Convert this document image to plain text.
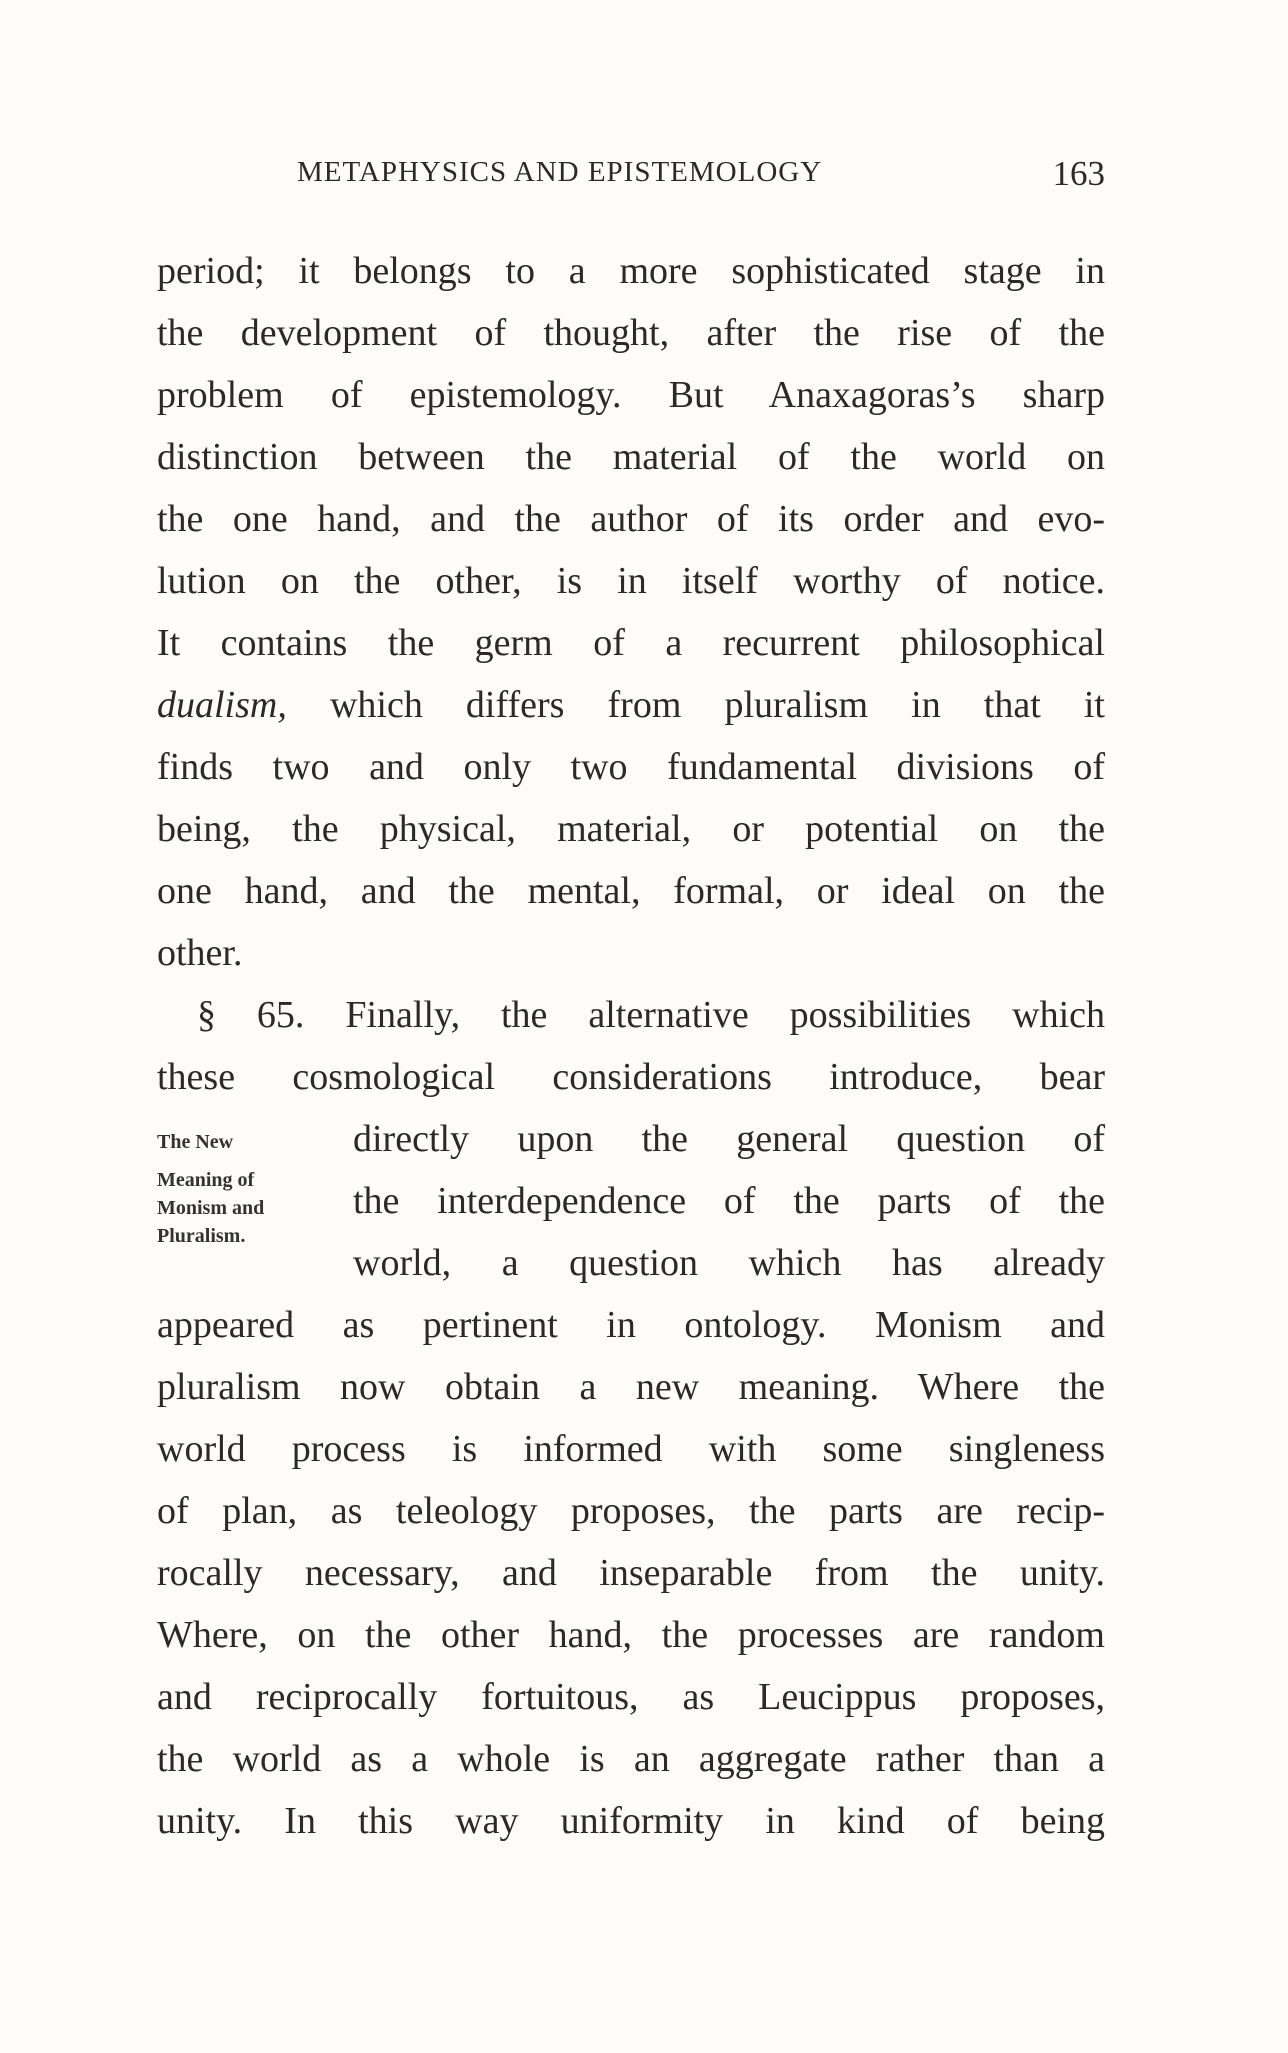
METAPHYSICS AND EPISTEMOLOGY	163
The New
Meaning of
Monism and
Pluralism.
period; it belongs to a more sophisticated stage in
the development of thought, after the rise of the
problem of epistemology. But Anaxagoras’s sharp
distinction between the material of the world on
the one hand, and the author of its order and evo-
lution on the other, is in itself worthy of notice.
It contains the germ of a recurrent philosophical
dualism, which differs from pluralism in that it
finds two and only two fundamental divisions of
being, the physical, material, or potential on the
one hand, and the mental, formal, or ideal on the
other.
§ 65. Finally, the alternative possibilities which
these cosmological considerations introduce, bear
directly upon the general question of
the interdependence of the parts of the
world, a question which has already
appeared as pertinent in ontology. Monism and
pluralism now obtain a new meaning. Where the
world process is informed with some singleness
of plan, as teleology proposes, the parts are recip-
rocally necessary, and inseparable from the unity.
Where, on the other hand, the processes are random
and reciprocally fortuitous, as Leucippus proposes,
the world as a whole is an aggregate rather than a
unity. In this way uniformity in kind of being
